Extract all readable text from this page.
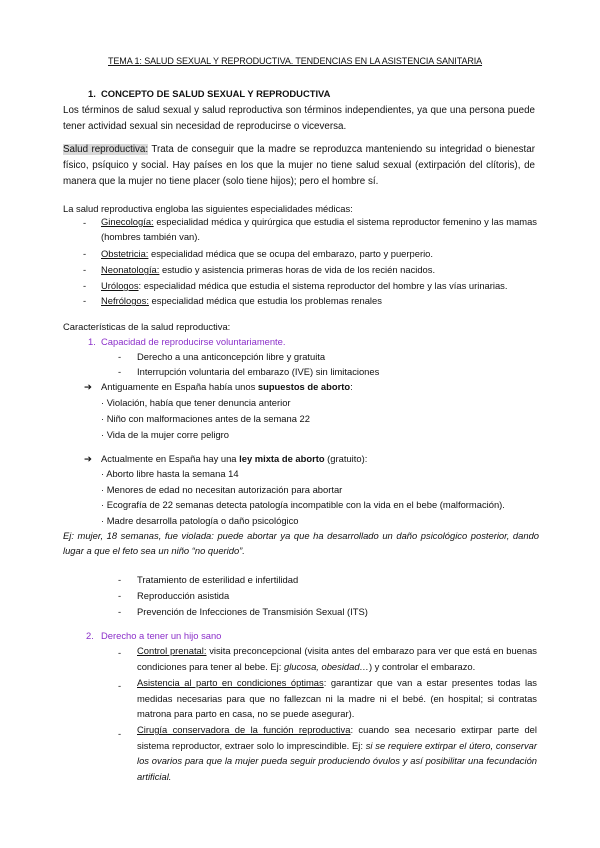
TEMA 1: SALUD SEXUAL Y REPRODUCTIVA. TENDENCIAS EN LA ASISTENCIA SANITARIA
1. CONCEPTO DE SALUD SEXUAL Y REPRODUCTIVA
Los términos de salud sexual y salud reproductiva son términos independientes, ya que una persona puede tener actividad sexual sin necesidad de reproducirse o viceversa.
Salud reproductiva: Trata de conseguir que la madre se reproduzca manteniendo su integridad o bienestar físico, psíquico y social. Hay países en los que la mujer no tiene salud sexual (extirpación del clítoris), de manera que la mujer no tiene placer (solo tiene hijos); pero el hombre sí.
La salud reproductiva engloba las siguientes especialidades médicas:
- Ginecología: especialidad médica y quirúrgica que estudia el sistema reproductor femenino y las mamas (hombres también van).
- Obstetricia: especialidad médica que se ocupa del embarazo, parto y puerperio.
- Neonatología: estudio y asistencia primeras horas de vida de los recién nacidos.
- Urólogos: especialidad médica que estudia el sistema reproductor del hombre y las vías urinarias.
- Nefrólogos: especialidad médica que estudia los problemas renales
Características de la salud reproductiva:
1. Capacidad de reproducirse voluntariamente.
- Derecho a una anticoncepción libre y gratuita
- Interrupción voluntaria del embarazo (IVE) sin limitaciones
➔ Antiguamente en España había unos supuestos de aborto:
· Violación, había que tener denuncia anterior
· Niño con malformaciones antes de la semana 22
· Vida de la mujer corre peligro
➔ Actualmente en España hay una ley mixta de aborto (gratuito):
· Aborto libre hasta la semana 14
· Menores de edad no necesitan autorización para abortar
· Ecografía de 22 semanas detecta patología incompatible con la vida en el bebe (malformación).
· Madre desarrolla patología o daño psicológico
Ej: mujer, 18 semanas, fue violada: puede abortar ya que ha desarrollado un daño psicológico posterior, dando lugar a que el feto sea un niño “no querido”.
- Tratamiento de esterilidad e infertilidad
- Reproducción asistida
- Prevención de Infecciones de Transmisión Sexual (ITS)
2. Derecho a tener un hijo sano
- Control prenatal: visita preconcepcional (visita antes del embarazo para ver que está en buenas condiciones para tener al bebe. Ej: glucosa, obesidad…) y controlar el embarazo.
- Asistencia al parto en condiciones óptimas: garantizar que van a estar presentes todas las medidas necesarias para que no fallezcan ni la madre ni el bebé. (en hospital; si contratas matrona para parto en casa, no se puede asegurar).
- Cirugía conservadora de la función reproductiva: cuando sea necesario extirpar parte del sistema reproductor, extraer solo lo imprescindible. Ej: si se requiere extirpar el útero, conservar los ovarios para que la mujer pueda seguir produciendo óvulos y así posibilitar una fecundación artificial.
